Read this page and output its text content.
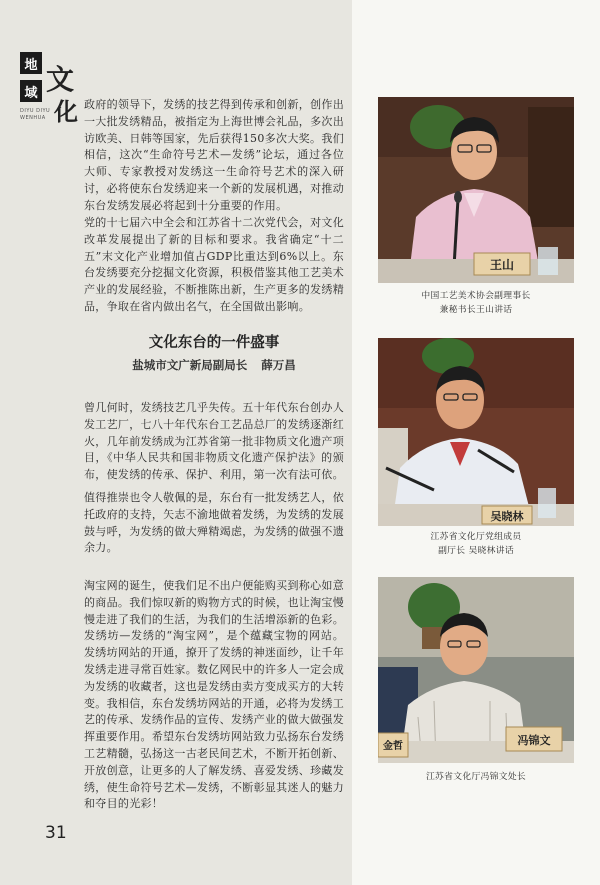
地
域 文
化
DIYU DIYU
WENHUA

政府的领导下，发绣的技艺得到传承和创新，创作出一大批发绣精品，被指定为上海世博会礼品，多次出访欧美、日韩等国家，先后获得150多次大奖。我们相信，这次“生命符号艺术—发绣”论坛，通过各位大师、专家教授对发绣这一生命符号艺术的深入研讨，必将使东台发绣迎来一个新的发展机遇，对推动东台发绣发展必将起到十分重要的作用。

党的十七届六中全会和江苏省十二次党代会，对文化改革发展提出了新的目标和要求。我省确定“十二五”末文化产业增加值占GDP比重达到6%以上。东台发绣要充分挖掘文化资源，积极借鉴其他工艺美术产业的发展经验，不断推陈出新，生产更多的发绣精品，争取在省内做出名气，在全国做出影响。

文化东台的一件盛事
盐城市文广新局副局长 薛万昌

曾几何时，发绣技艺几乎失传。五十年代东台创办人发工艺厂，七八十年代东台工艺品总厂的发绣逐渐红火，几年前发绣成为江苏省第一批非物质文化遗产项目，《中华人民共和国非物质文化遗产保护法》的颁布，使发绣的传承、保护、利用，第一次有法可依。

值得推崇也令人敬佩的是，东台有一批发绣艺人，依托政府的支持，矢志不渝地做着发绣，为发绣的发展鼓与呼，为发绣的做大殚精竭虑，为发绣的做强不遗余力。

淘宝网的诞生，使我们足不出户便能购买到称心如意的商品。我们惊叹新的购物方式的时候，也让淘宝慢慢走进了我们的生活，为我们的生活增添新的色彩。发绣坊—发绣的“淘宝网”，是个蕴藏宝物的网站。发绣坊网站的开通，撩开了发绣的神迷面纱，让千年发绣走进寻常百姓家。数亿网民中的许多人一定会成为发绣的收藏者，这也是发绣由卖方变成买方的大转变。我相信，东台发绣坊网站的开通，必将为发绣工艺的传承、发绣作品的宣传、发绣产业的做大做强发挥重要作用。希望东台发绣坊网站致力弘扬东台发绣工艺精髓，弘扬这一古老民间艺术，不断开拓创新、开放创意，让更多的人了解发绣、喜爱发绣、珍藏发绣，使生命符号艺术—发绣，不断彰显其迷人的魅力和夺目的光彩！

31
王山
中国工艺美术协会副理事长
兼秘书长王山讲话
吴晓林
江苏省文化厅党组成员
副厅长 吴晓林讲话
金哲	冯锦文
江苏省文化厅冯锦文处长
